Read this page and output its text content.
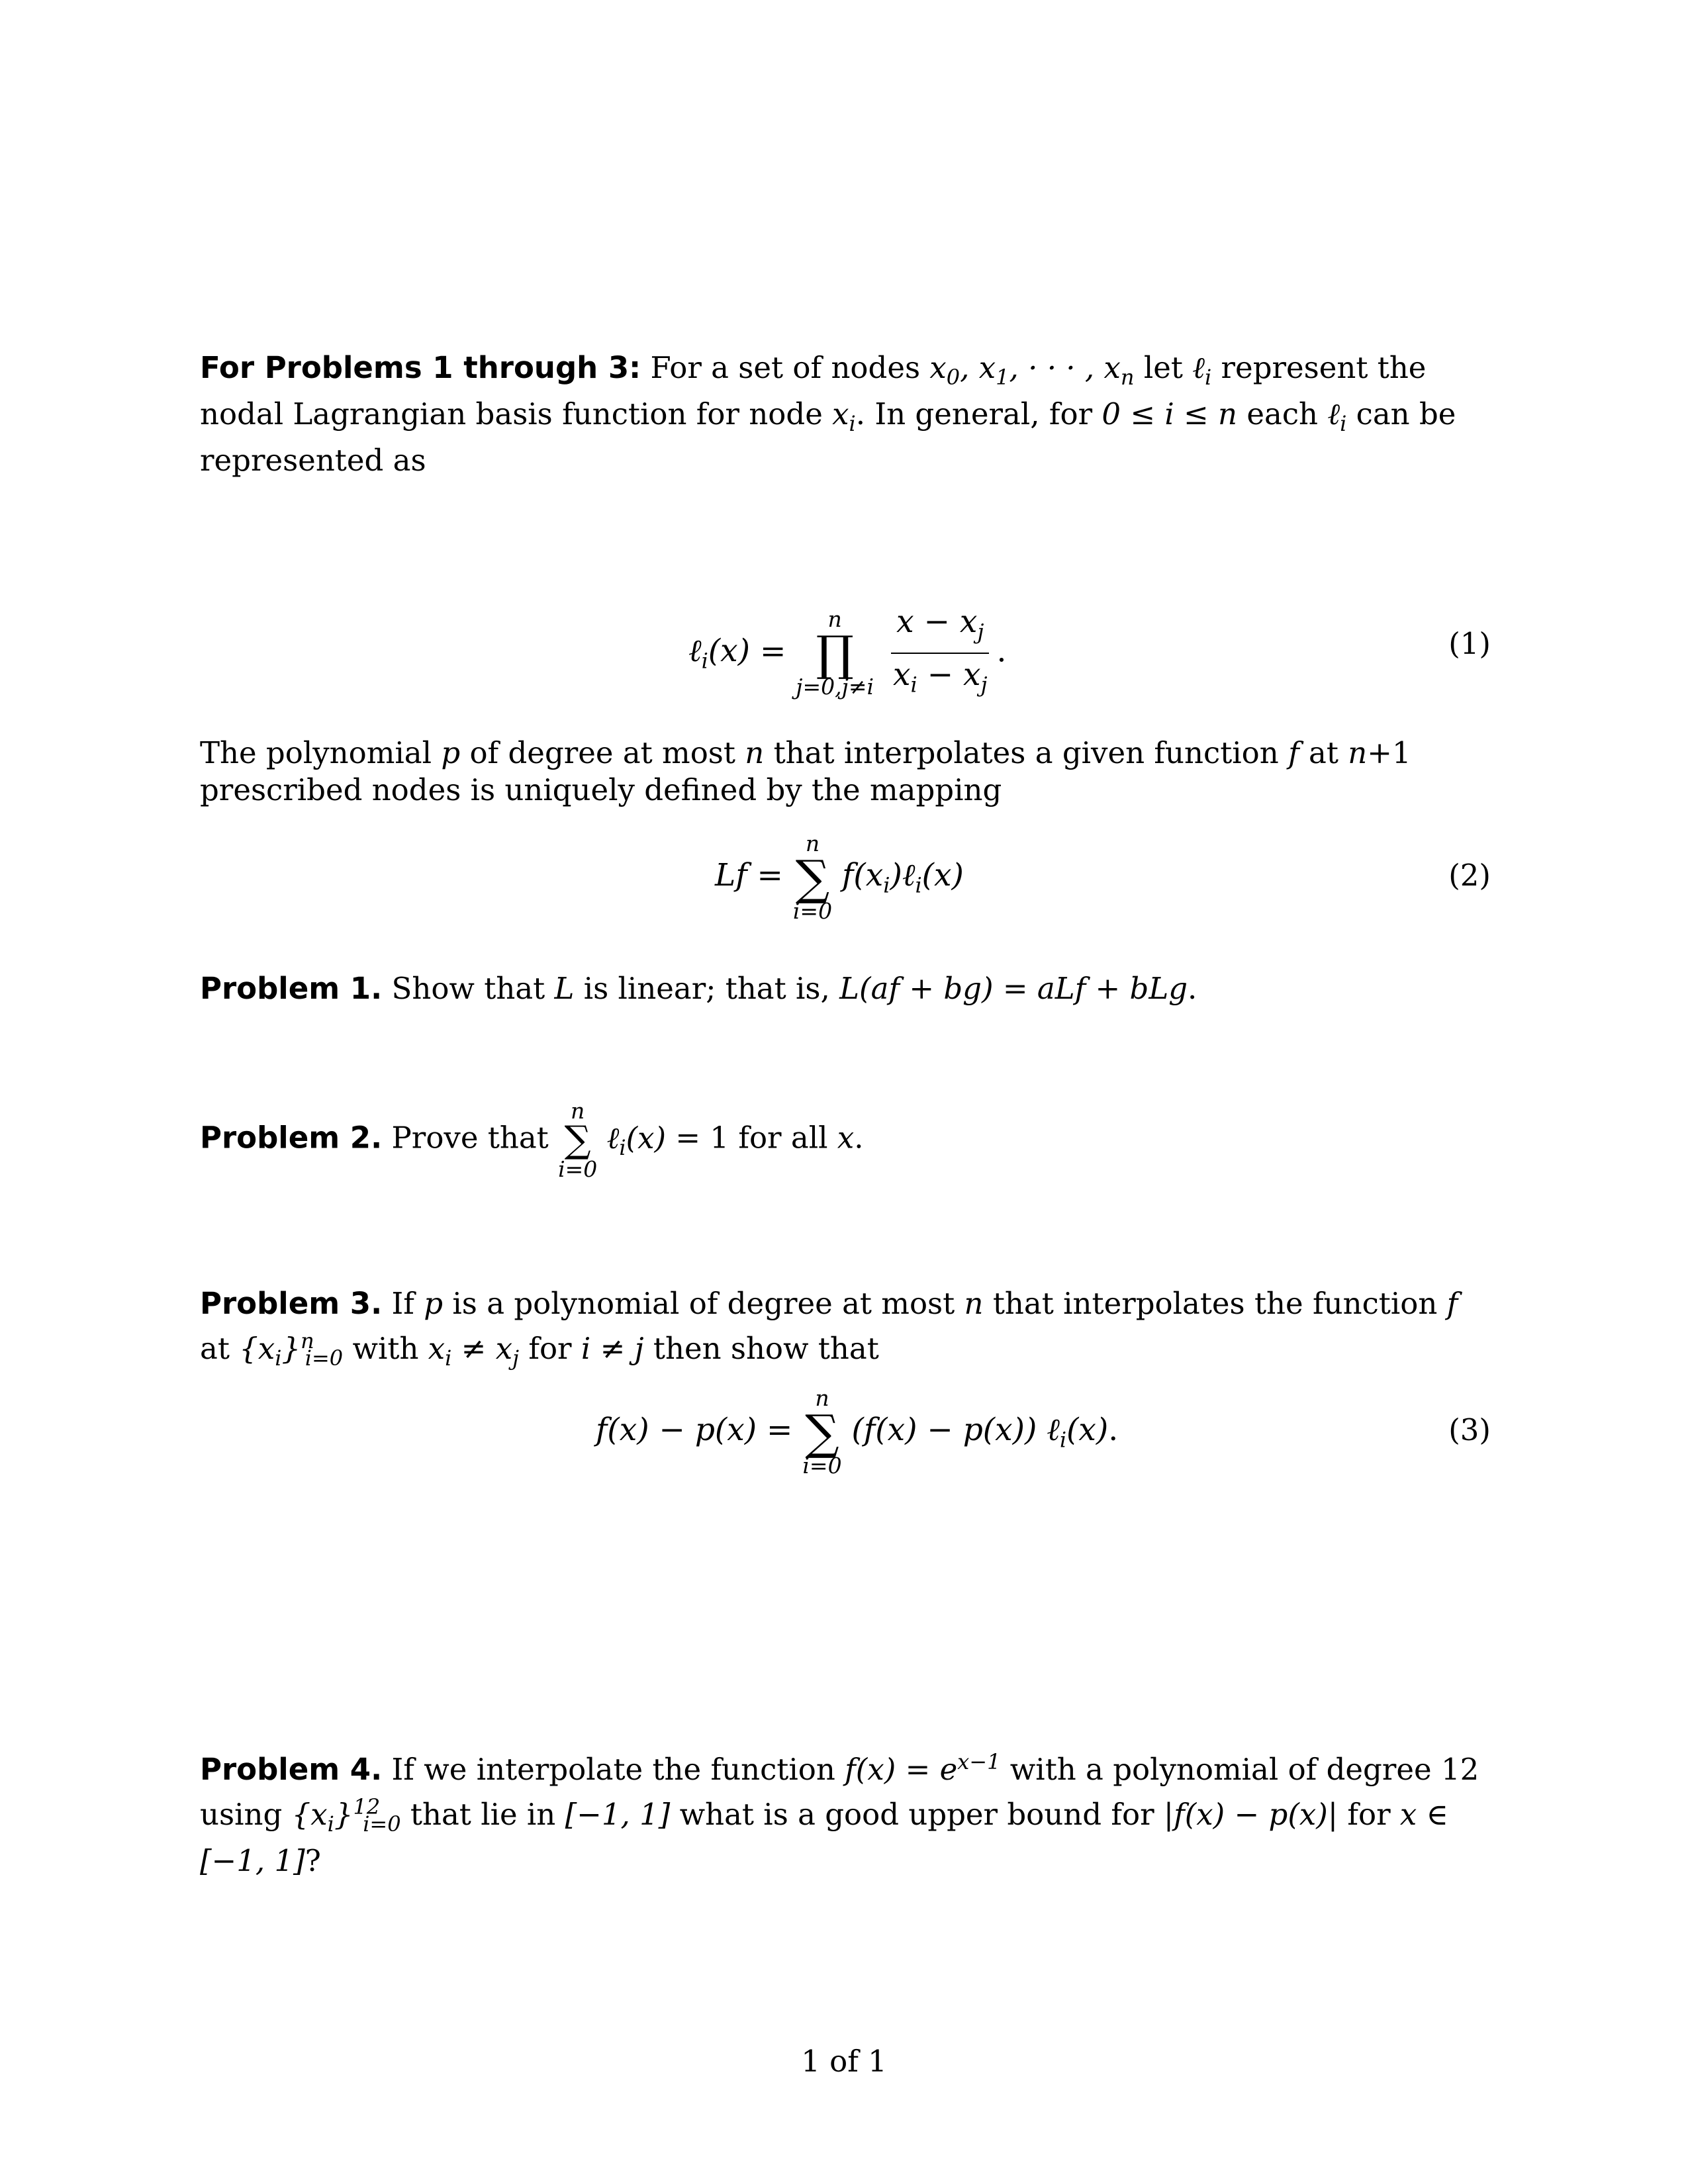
For Problems 1 through 3: For a set of nodes $x_0$, $x_1$, · · · , $x_n$ let ℓ$_i$ represent the nodal Lagrangian basis function for node $x_i$. In general, for 0 ≤ i ≤ n each ℓ$_i$ can be represented as
ℓ$_i$(x) =
n
∏
j=0,j≠i
$\frac{x - x_j}{x_i - x_j}$ .	(1)
The polynomial p of degree at most n that interpolates a given function f at n+1 prescribed nodes is uniquely defined by the mapping
Lf =
n
∑
i=0
$f(x_i)\ell_i(x)$	(2)
Problem 1. Show that L is linear; that is, L(af + bg) = aLf + bLg.
Problem 2. Prove that
n
∑
i=0
ℓ$_i$(x) = 1 for all x.
Problem 3. If p is a polynomial of degree at most n that interpolates the function f at $\{x_i\}^n_{i=0}$ with $x_i \ne x_j$ for i ≠ j then show that
f(x) − p(x) =
n
∑
i=0
(f(x) − p(x)) ℓ$_i$(x).	(3)
Problem 4. If we interpolate the function $f(x) = e^{x-1}$ with a polynomial of degree 12 using $\{x_i\}^{12}_{i=0}$ that lie in [−1, 1] what is a good upper bound for |f(x) − p(x)| for x ∈ [−1, 1]?
1 of 1
